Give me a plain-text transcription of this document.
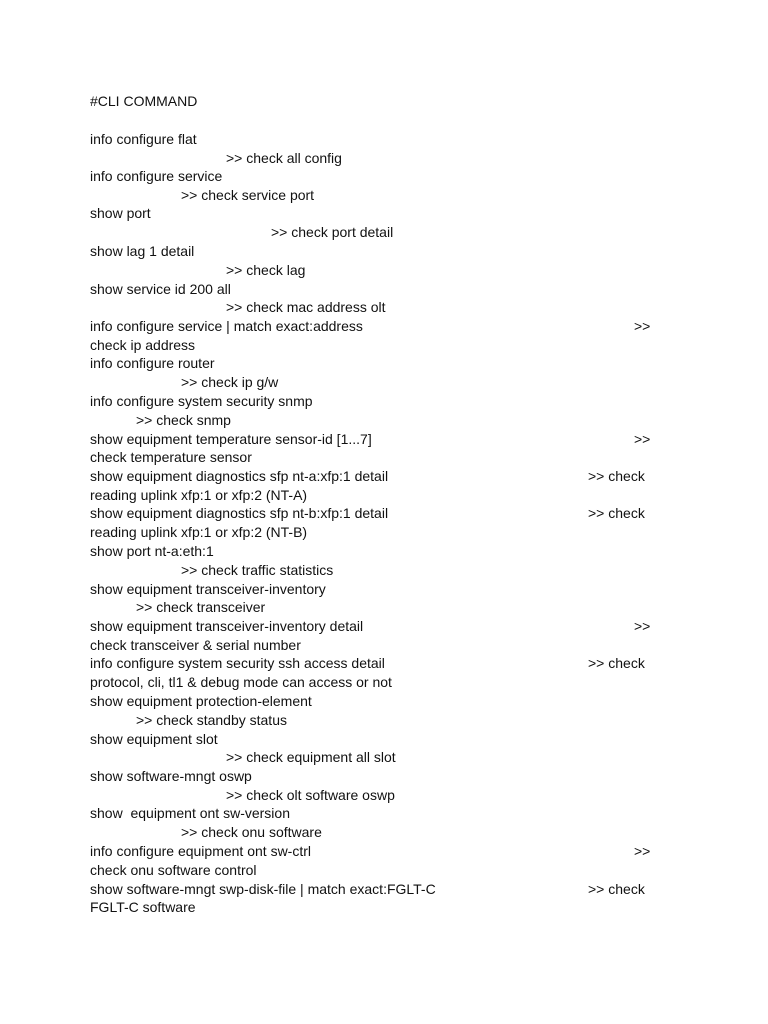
#CLI COMMAND
info configure flat
>> check all config
info configure service
>> check service port
show port
>> check port detail
show lag 1 detail
>> check lag
show service id 200 all
>> check mac address olt
info configure service | match exact:address	>>
check ip address
info configure router
>> check ip g/w
info configure system security snmp
>> check snmp
show equipment temperature sensor-id [1...7]	>>
check temperature sensor
show equipment diagnostics sfp nt-a:xfp:1 detail	>> check
reading uplink xfp:1 or xfp:2 (NT-A)
show equipment diagnostics sfp nt-b:xfp:1 detail	>> check
reading uplink xfp:1 or xfp:2 (NT-B)
show port nt-a:eth:1
>> check traffic statistics
show equipment transceiver-inventory
>> check transceiver
show equipment transceiver-inventory detail	>>
check transceiver & serial number
info configure system security ssh access detail	>> check
protocol, cli, tl1 & debug mode can access or not
show equipment protection-element
>> check standby status
show equipment slot
>> check equipment all slot
show software-mngt oswp
>> check olt software oswp
show  equipment ont sw-version
>> check onu software
info configure equipment ont sw-ctrl	>>
check onu software control
show software-mngt swp-disk-file | match exact:FGLT-C	>> check
FGLT-C software
